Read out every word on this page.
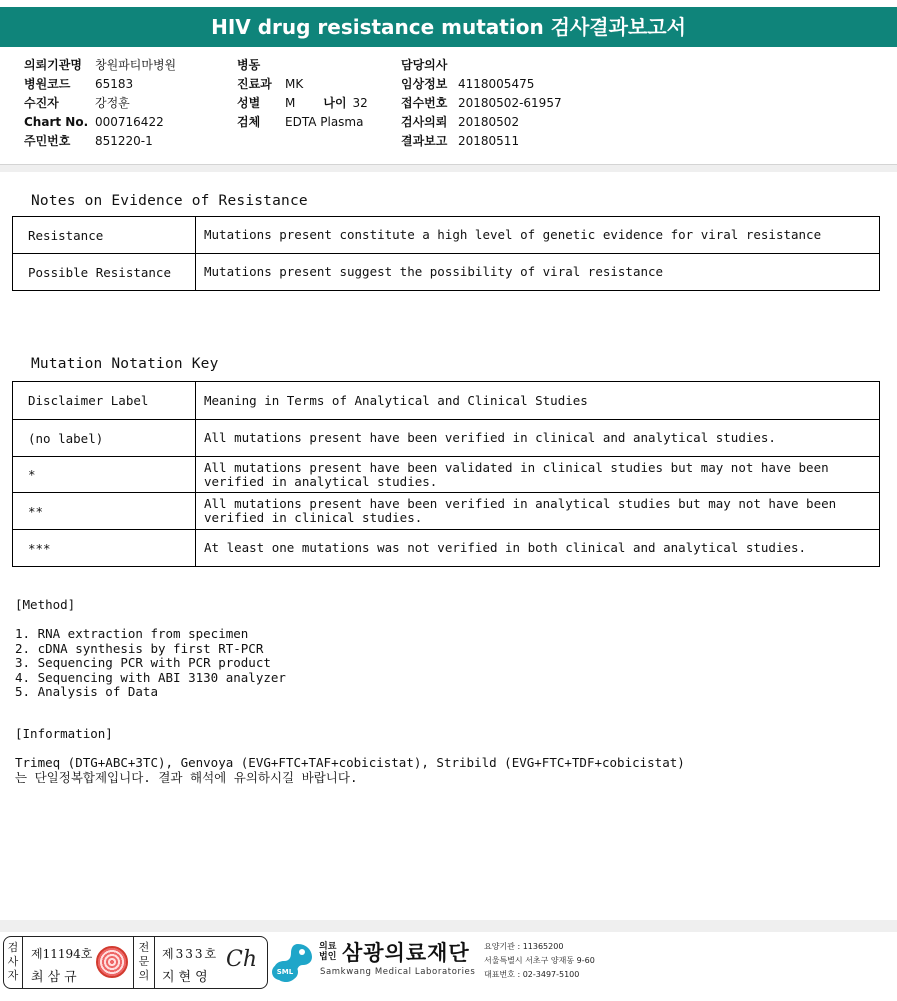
HIV drug resistance mutation 검사결과보고서
의뢰기관명 창원파티마병원
병원코드 65183
수진자	강정훈
Chart No. 000716422
주민번호 851220-1
병동
진료과 MK
성별 M 나이 32
검체 EDTA Plasma
담당의사
임상정보 4118005475
접수번호 20180502-61957
검사의뢰 20180502
결과보고 20180511
Notes on Evidence of Resistance
Resistance	Mutations present constitute a high level of genetic evidence for viral resistance
Possible Resistance	Mutations present suggest the possibility of viral resistance
Mutation Notation Key
Disclaimer Label	Meaning in Terms of Analytical and Clinical Studies
(no label)	All mutations present have been verified in clinical and analytical studies.
*	All mutations present have been validated in clinical studies but may not have been verified in analytical studies.
**	All mutations present have been verified in analytical studies but may not have been verified in clinical studies.
***	At least one mutations was not verified in both clinical and analytical studies.
[Method]
1. RNA extraction from specimen
2. cDNA synthesis by first RT-PCR
3. Sequencing PCR with PCR product
4. Sequencing with ABI 3130 analyzer
5. Analysis of Data
[Information]
Trimeq (DTG+ABC+3TC), Genvoya (EVG+FTC+TAF+cobicistat), Stribild (EVG+FTC+TDF+cobicistat)
는 단일정복합제입니다. 결과 해석에 유의하시길 바랍니다.
검사자
제11194호
최삼규
전문의
제333호
지현영
Ch	SML
의료법인 삼광의료재단
Samkwang Medical Laboratories
요양기관 : 11365200
서울특별시 서초구 양재동 9-60
대표번호 : 02-3497-5100
